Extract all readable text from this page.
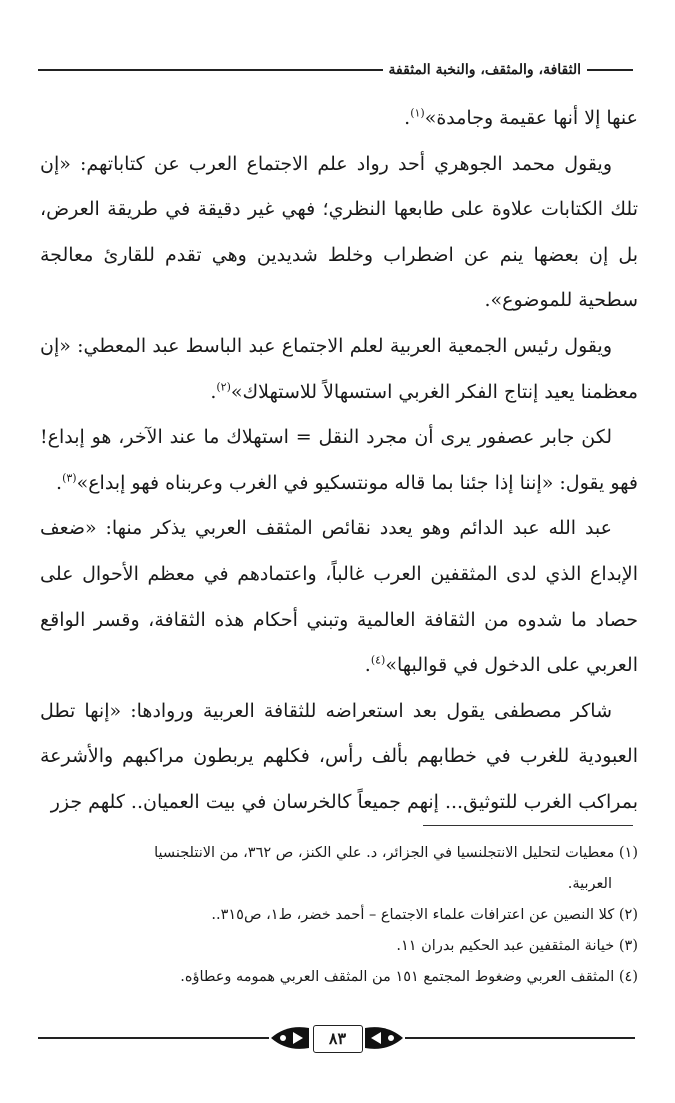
الثقافة، والمثقف، والنخبة المثقفة

عنها إلا أنها عقيمة وجامدة»$^{(١)}$.

ويقول محمد الجوهري أحد رواد علم الاجتماع العرب عن كتاباتهم: «إن تلك الكتابات علاوة على طابعها النظري؛ فهي غير دقيقة في طريقة العرض، بل إن بعضها ينم عن اضطراب وخلط شديدين وهي تقدم للقارئ معالجة سطحية للموضوع».

ويقول رئيس الجمعية العربية لعلم الاجتماع عبد الباسط عبد المعطي: «إن معظمنا يعيد إنتاج الفكر الغربي استسهالاً للاستهلاك»$^{(٢)}$.

لكن جابر عصفور يرى أن مجرد النقل = استهلاك ما عند الآخر، هو إبداع! فهو يقول: «إننا إذا جئنا بما قاله مونتسكيو في الغرب وعربناه فهو إبداع»$^{(٣)}$.

عبد الله عبد الدائم وهو يعدد نقائص المثقف العربي يذكر منها: «ضعف الإبداع الذي لدى المثقفين العرب غالباً، واعتمادهم في معظم الأحوال على حصاد ما شدوه من الثقافة العالمية وتبني أحكام هذه الثقافة، وقسر الواقع العربي على الدخول في قوالبها»$^{(٤)}$.

شاكر مصطفى يقول بعد استعراضه للثقافة العربية وروادها: «إنها تطل العبودية للغرب في خطابهم بألف رأس، فكلهم يربطون مراكبهم والأشرعة بمراكب الغرب للتوثيق... إنهم جميعاً كالخرسان في بيت العميان.. كلهم جزر

(١) معطيات لتحليل الانتجلنسيا في الجزائر، د. علي الكنز، ص ٣٦٢، من الانتلجنسيا
العربية.

(٢) كلا النصين عن اعترافات علماء الاجتماع – أحمد خضر، ط١، ص٣١٥..

(٣) خيانة المثقفين عبد الحكيم بدران ١١.

(٤) المثقف العربي وضغوط المجتمع ١٥١ من المثقف العربي همومه وعطاؤه.

٨٣
